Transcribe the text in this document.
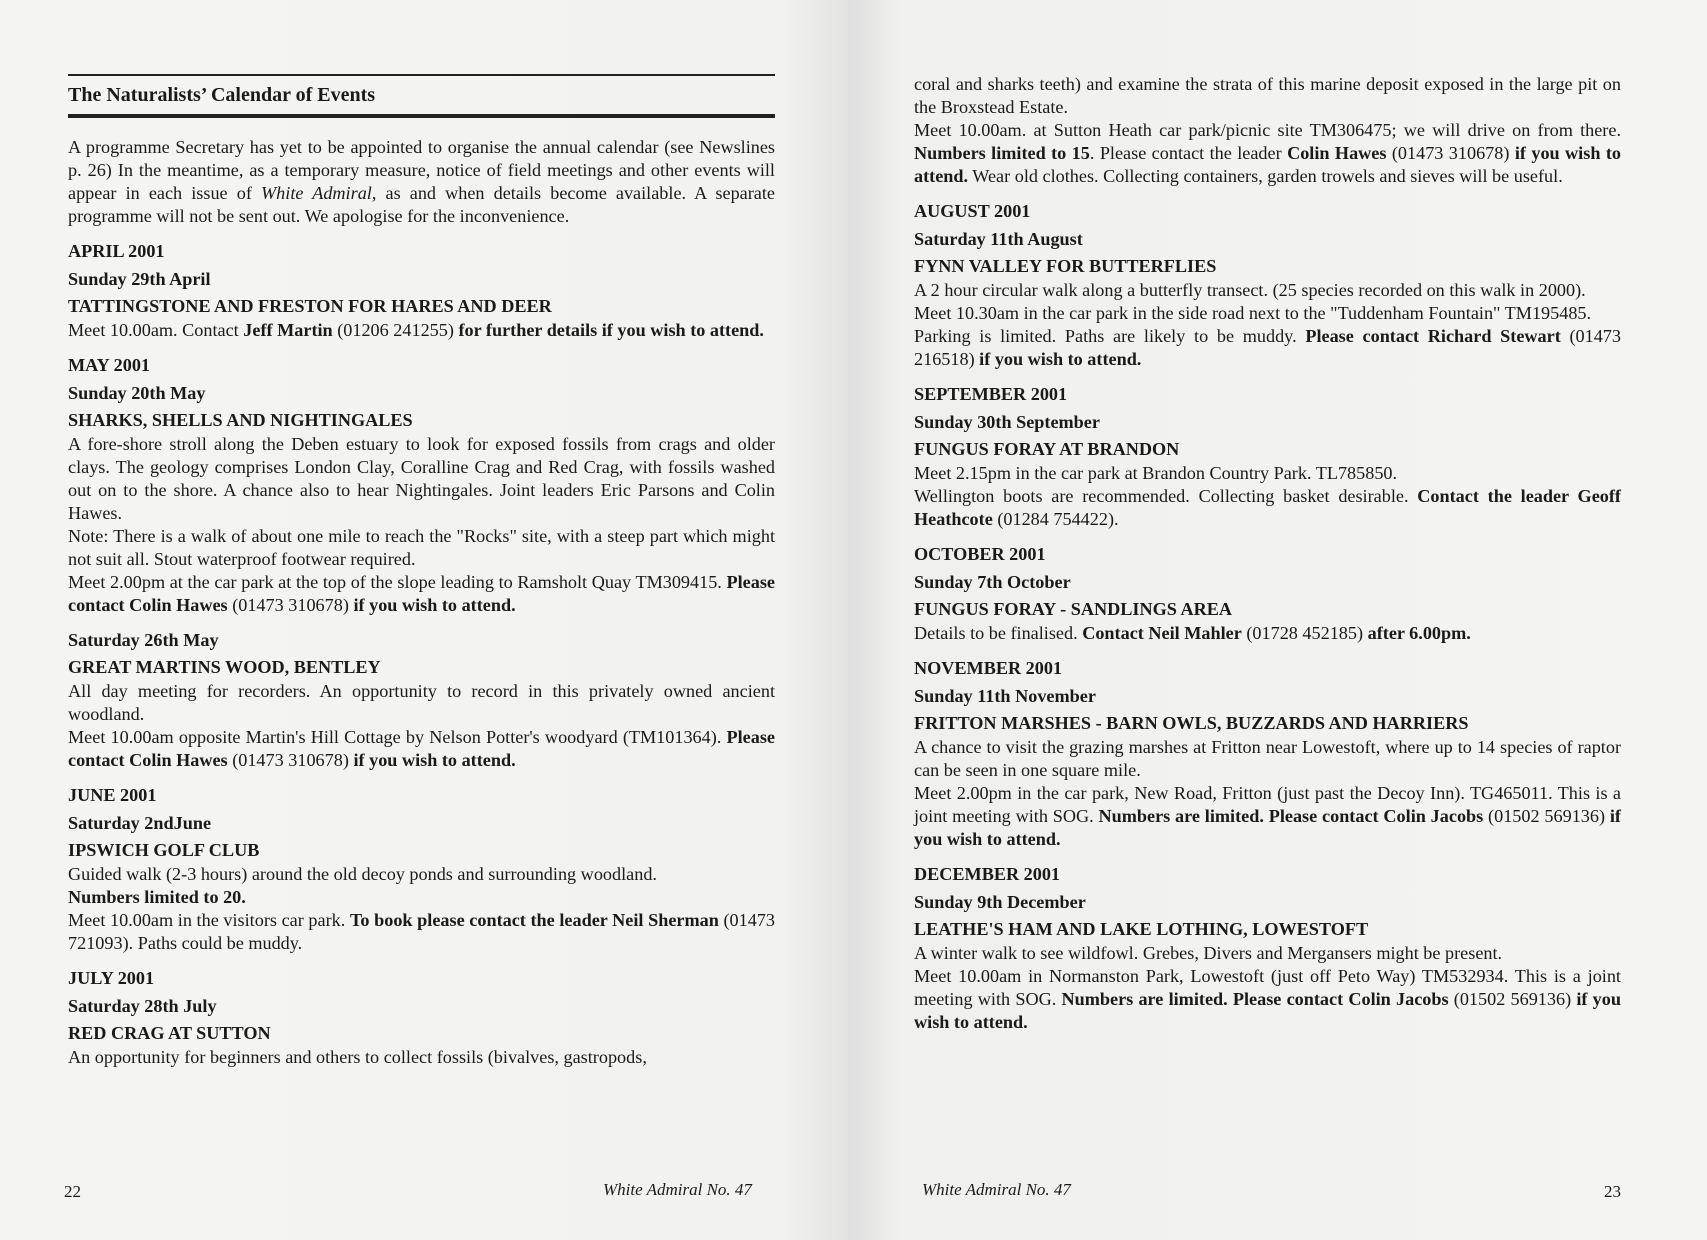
The Naturalists’ Calendar of Events

A programme Secretary has yet to be appointed to organise the annual calendar (see Newslines p. 26) In the meantime, as a temporary measure, notice of field meetings and other events will appear in each issue of White Admiral, as and when details become available. A separate programme will not be sent out. We apologise for the inconvenience.

APRIL 2001
Sunday 29th April
TATTINGSTONE AND FRESTON FOR HARES AND DEER

Meet 10.00am. Contact Jeff Martin (01206 241255) for further details if you wish to attend.

MAY 2001
Sunday 20th May
SHARKS, SHELLS AND NIGHTINGALES

A fore-shore stroll along the Deben estuary to look for exposed fossils from crags and older clays. The geology comprises London Clay, Coralline Crag and Red Crag, with fossils washed out on to the shore. A chance also to hear Nightingales. Joint leaders Eric Parsons and Colin Hawes.

Note: There is a walk of about one mile to reach the "Rocks" site, with a steep part which might not suit all. Stout waterproof footwear required.

Meet 2.00pm at the car park at the top of the slope leading to Ramsholt Quay TM309415. Please contact Colin Hawes (01473 310678) if you wish to attend.

Saturday 26th May
GREAT MARTINS WOOD, BENTLEY

All day meeting for recorders. An opportunity to record in this privately owned ancient woodland.

Meet 10.00am opposite Martin's Hill Cottage by Nelson Potter's woodyard (TM101364). Please contact Colin Hawes (01473 310678) if you wish to attend.

JUNE 2001
Saturday 2ndJune
IPSWICH GOLF CLUB

Guided walk (2-3 hours) around the old decoy ponds and surrounding woodland.

Numbers limited to 20.

Meet 10.00am in the visitors car park. To book please contact the leader Neil Sherman (01473 721093). Paths could be muddy.

JULY 2001
Saturday 28th July
RED CRAG AT SUTTON

An opportunity for beginners and others to collect fossils (bivalves, gastropods,

22	White Admiral No. 47

coral and sharks teeth) and examine the strata of this marine deposit exposed in the large pit on the Broxstead Estate.

Meet 10.00am. at Sutton Heath car park/picnic site TM306475; we will drive on from there. Numbers limited to 15. Please contact the leader Colin Hawes (01473 310678) if you wish to attend. Wear old clothes. Collecting containers, garden trowels and sieves will be useful.

AUGUST 2001
Saturday 11th August
FYNN VALLEY FOR BUTTERFLIES

A 2 hour circular walk along a butterfly transect. (25 species recorded on this walk in 2000).

Meet 10.30am in the car park in the side road next to the "Tuddenham Fountain" TM195485.

Parking is limited. Paths are likely to be muddy. Please contact Richard Stewart (01473 216518) if you wish to attend.

SEPTEMBER 2001
Sunday 30th September
FUNGUS FORAY AT BRANDON

Meet 2.15pm in the car park at Brandon Country Park. TL785850.

Wellington boots are recommended. Collecting basket desirable. Contact the leader Geoff Heathcote (01284 754422).

OCTOBER 2001
Sunday 7th October
FUNGUS FORAY - SANDLINGS AREA

Details to be finalised. Contact Neil Mahler (01728 452185) after 6.00pm.

NOVEMBER 2001
Sunday 11th November
FRITTON MARSHES - BARN OWLS, BUZZARDS AND HARRIERS

A chance to visit the grazing marshes at Fritton near Lowestoft, where up to 14 species of raptor can be seen in one square mile.

Meet 2.00pm in the car park, New Road, Fritton (just past the Decoy Inn). TG465011. This is a joint meeting with SOG. Numbers are limited. Please contact Colin Jacobs (01502 569136) if you wish to attend.

DECEMBER 2001
Sunday 9th December
LEATHE'S HAM AND LAKE LOTHING, LOWESTOFT

A winter walk to see wildfowl. Grebes, Divers and Mergansers might be present.

Meet 10.00am in Normanston Park, Lowestoft (just off Peto Way) TM532934. This is a joint meeting with SOG. Numbers are limited. Please contact Colin Jacobs (01502 569136) if you wish to attend.

White Admiral No. 47	23
